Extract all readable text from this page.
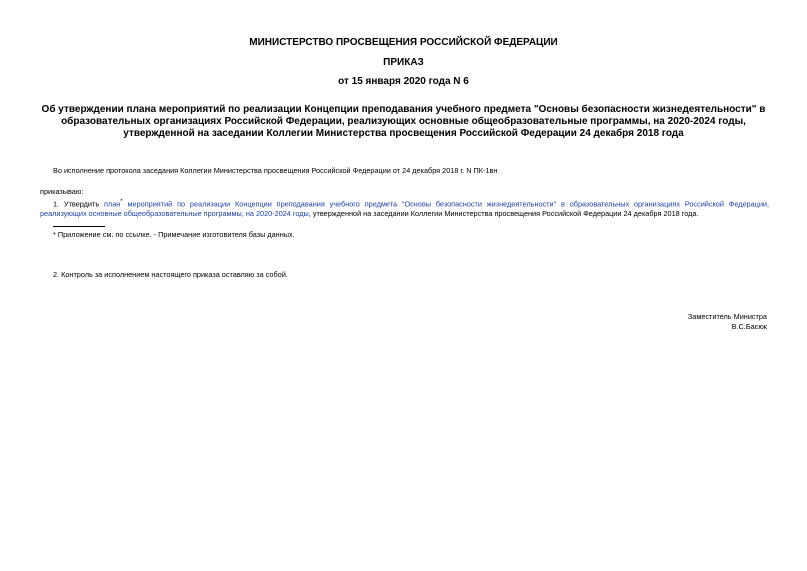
МИНИСТЕРСТВО ПРОСВЕЩЕНИЯ РОССИЙСКОЙ ФЕДЕРАЦИИ
ПРИКАЗ
от 15 января 2020 года N 6
Об утверждении плана мероприятий по реализации Концепции преподавания учебного предмета "Основы безопасности жизнедеятельности" в образовательных организациях Российской Федерации, реализующих основные общеобразовательные программы, на 2020-2024 годы, утвержденной на заседании Коллегии Министерства просвещения Российской Федерации 24 декабря 2018 года
Во исполнение протокола заседания Коллегии Министерства просвещения Российской Федерации от 24 декабря 2018 г. N ПК-1вн
приказываю:
1. Утвердить план* мероприятий по реализации Концепции преподавания учебного предмета "Основы безопасности жизнедеятельности" в образовательных организациях Российской Федерации, реализующих основные общеобразовательные программы, на 2020-2024 годы, утвержденной на заседании Коллегии Министерства просвещения Российской Федерации 24 декабря 2018 года.
* Приложение см. по ссылке. - Примечание изготовителя базы данных.
2. Контроль за исполнением настоящего приказа оставляю за собой.
Заместитель Министра
В.С.Басюк
